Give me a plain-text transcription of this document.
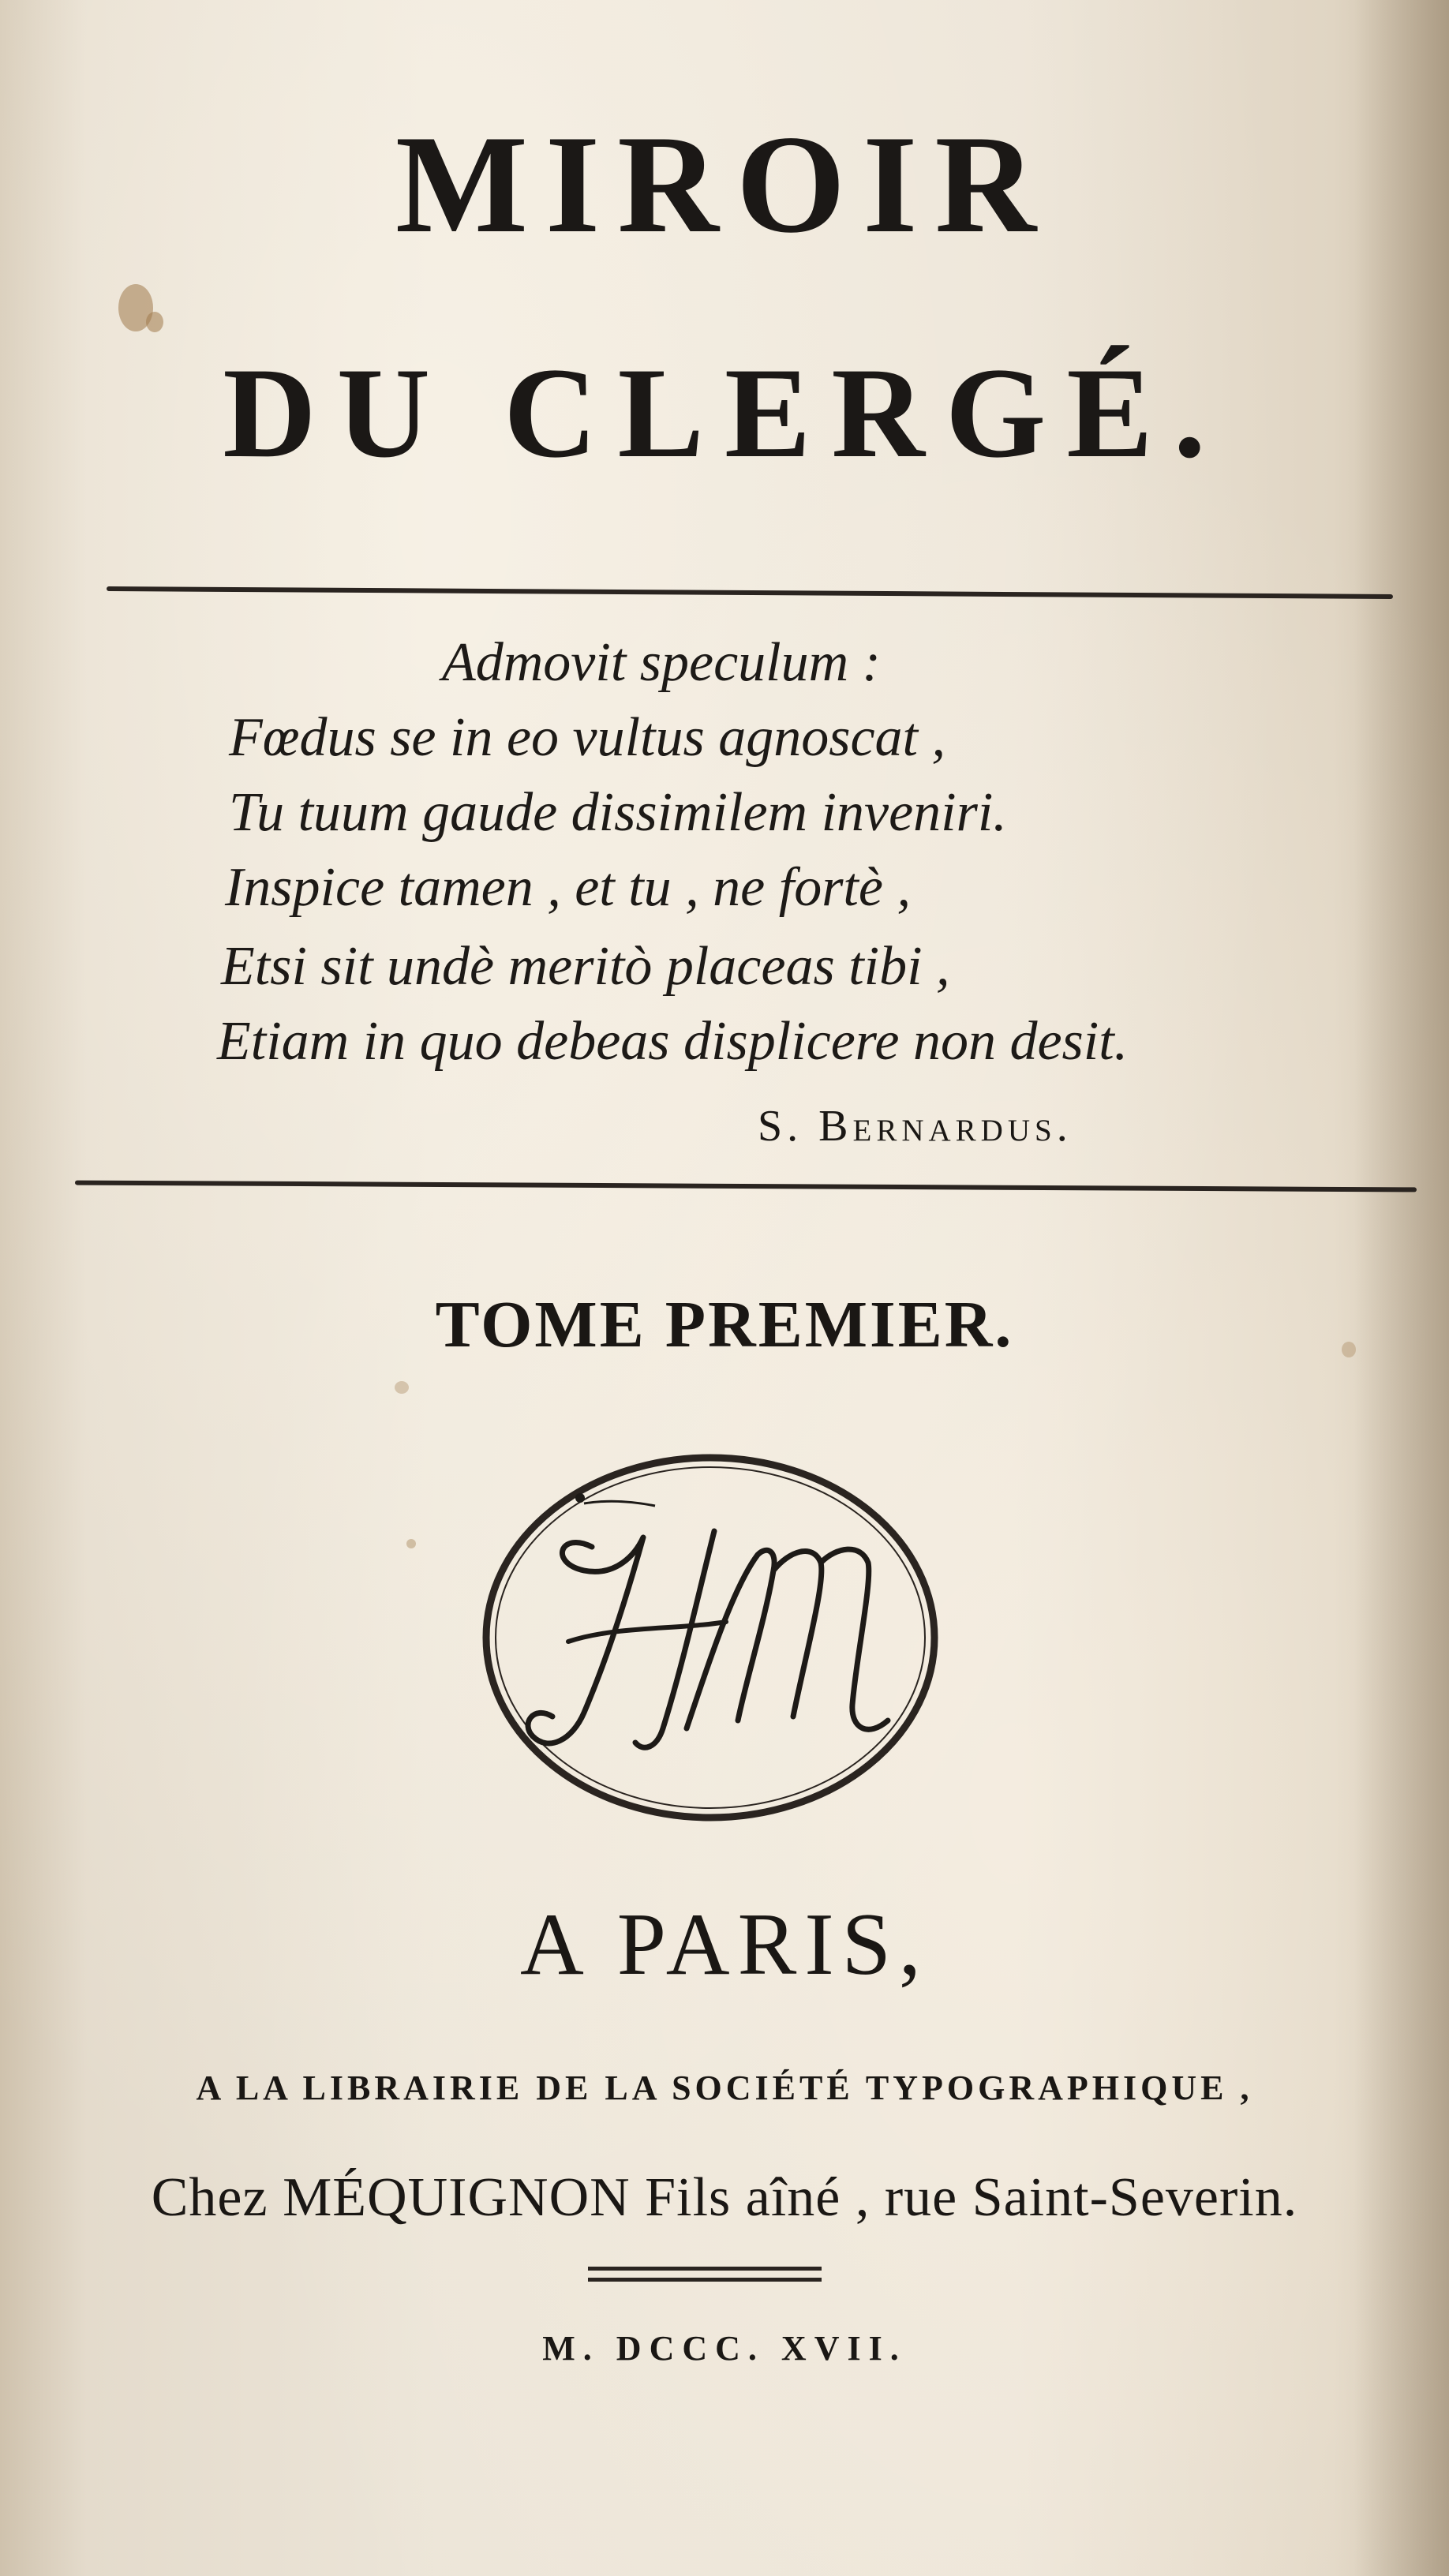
MIROIR
DU CLERGÉ.
Admovit speculum :
Fœdus se in eo vultus agnoscat ,
Tu tuum gaude dissimilem inveniri.
Inspice tamen , et tu , ne fortè ,
Etsi sit undè meritò placeas tibi ,
Etiam in quo debeas displicere non desit.
S. Bernardus.
TOME PREMIER.
HM
A PARIS,
A LA LIBRAIRIE DE LA SOCIÉTÉ TYPOGRAPHIQUE ,
Chez MÉQUIGNON Fils aîné , rue Saint-Severin.
M. DCCC. XVII.
